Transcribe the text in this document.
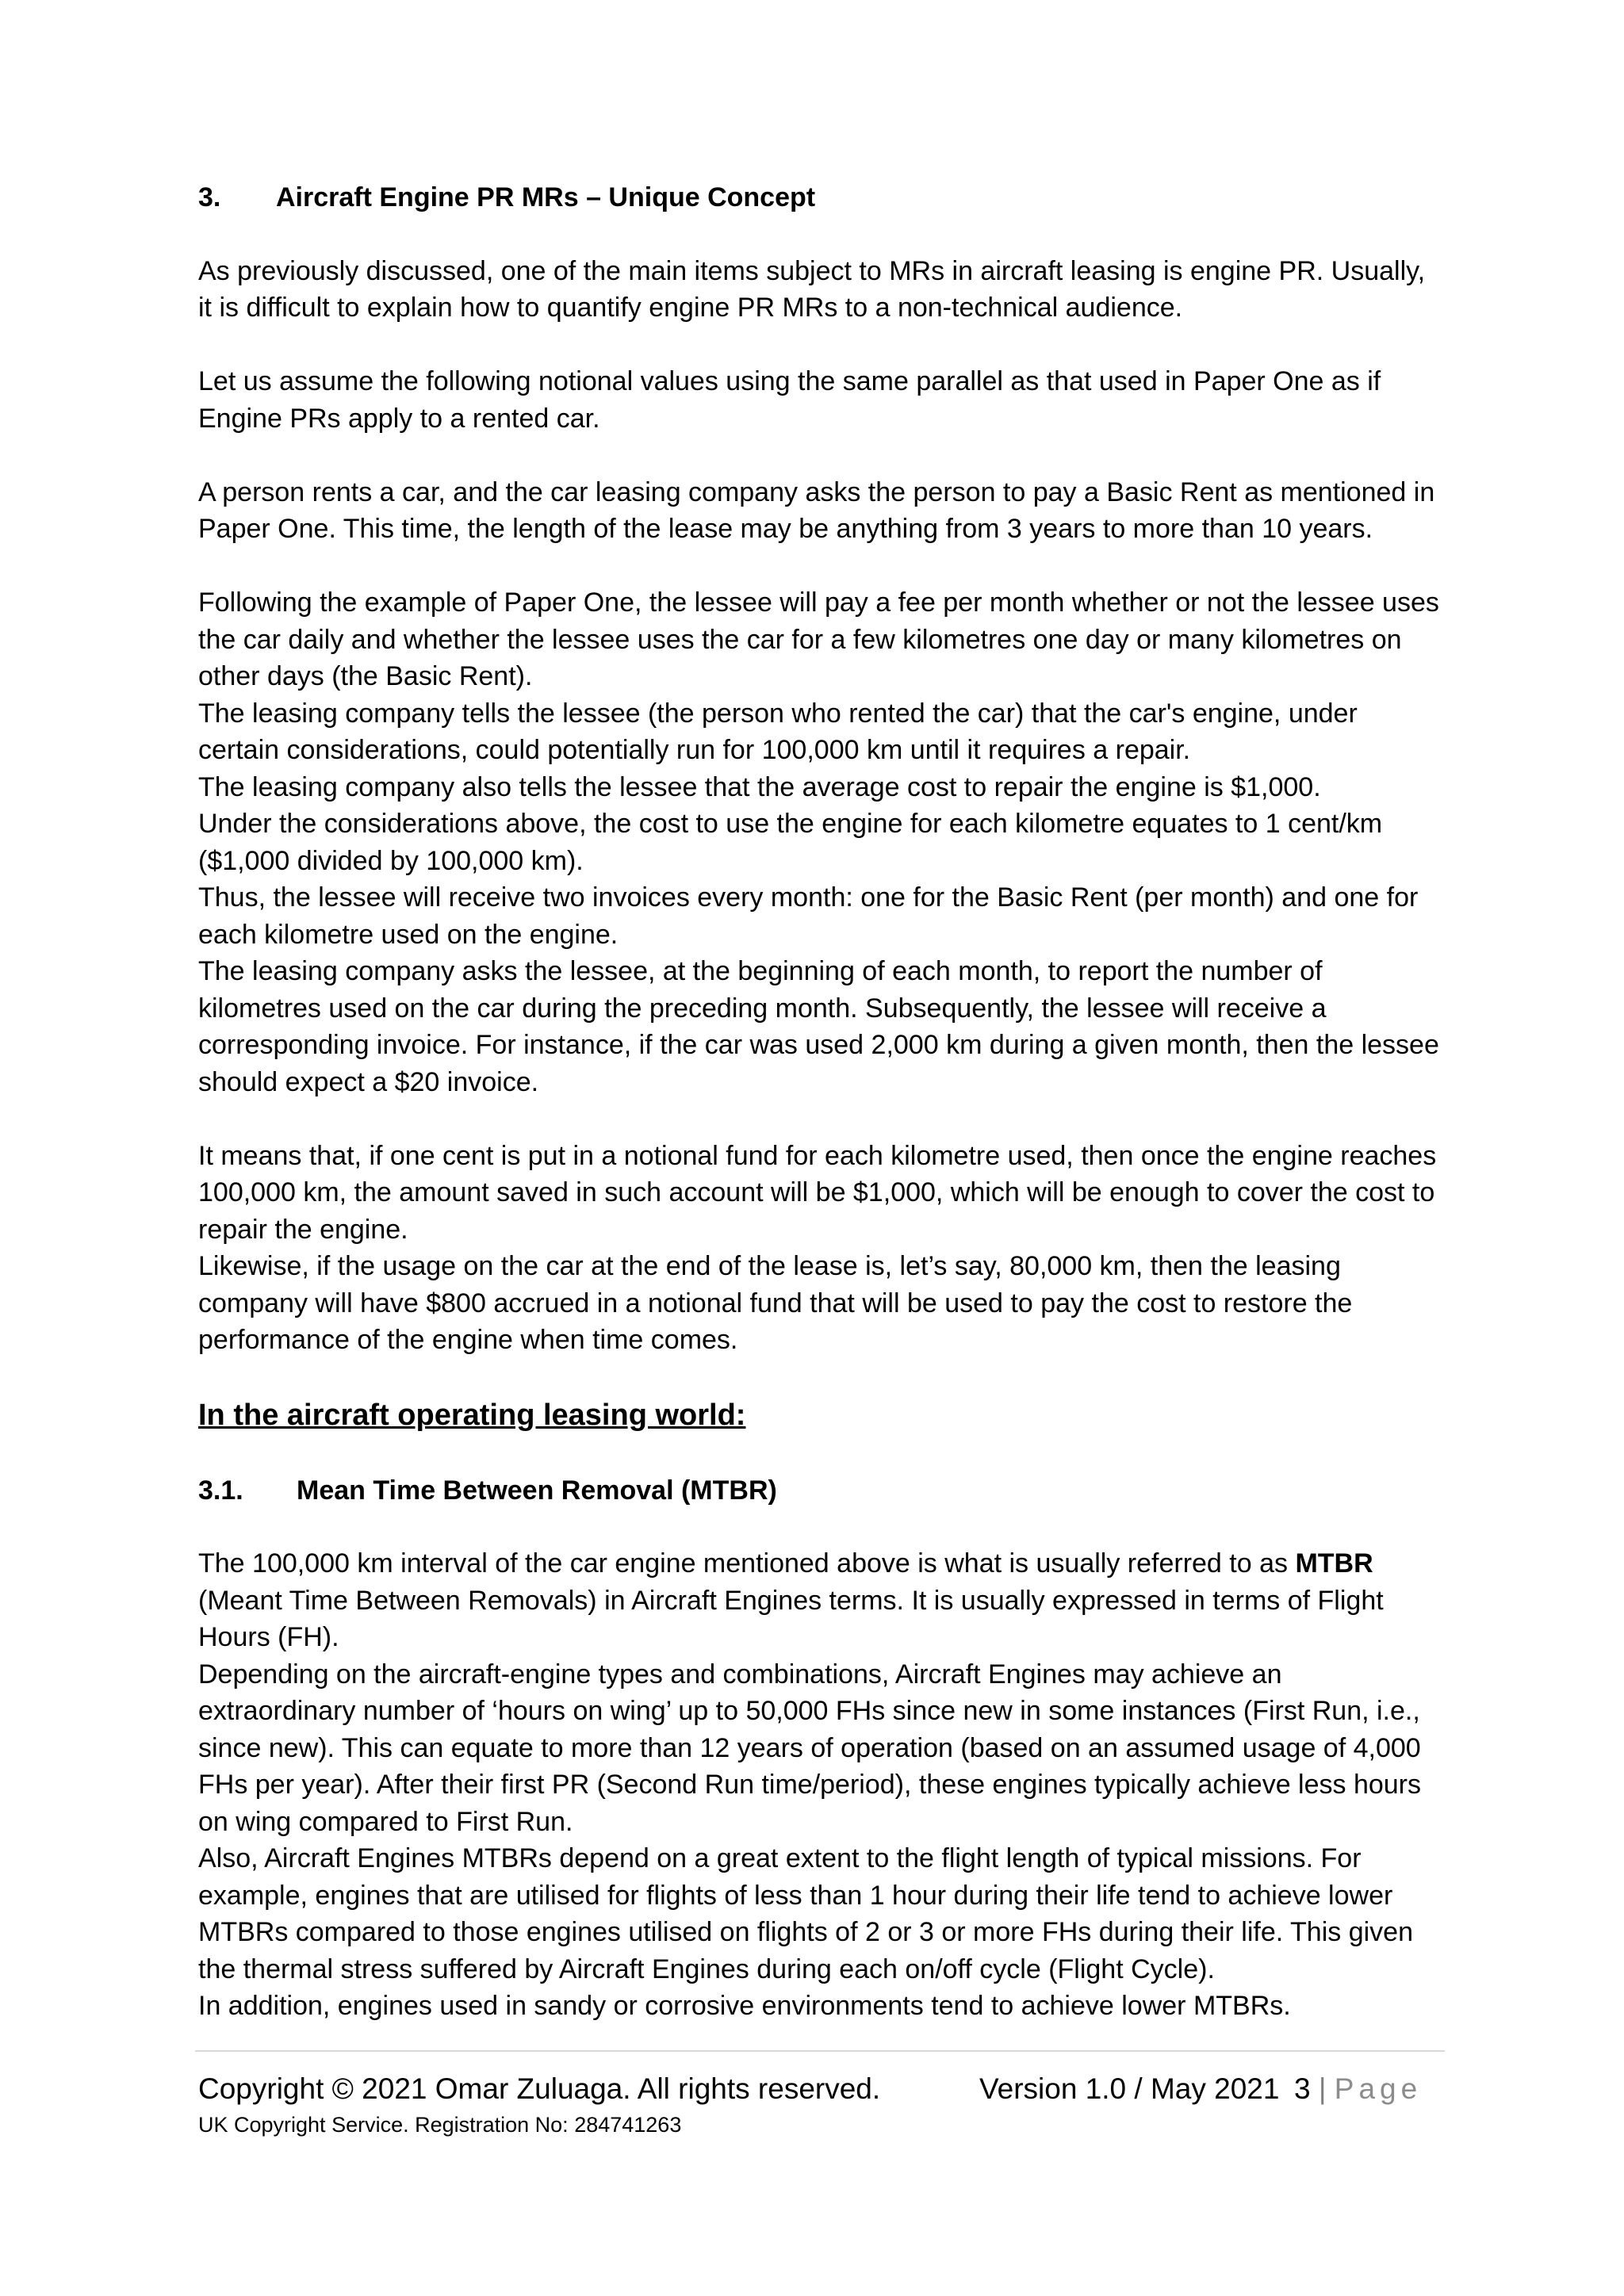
3.	Aircraft Engine PR MRs – Unique Concept

As previously discussed, one of the main items subject to MRs in aircraft leasing is engine PR. Usually, it is difficult to explain how to quantify engine PR MRs to a non-technical audience.

Let us assume the following notional values using the same parallel as that used in Paper One as if Engine PRs apply to a rented car.

A person rents a car, and the car leasing company asks the person to pay a Basic Rent as mentioned in Paper One. This time, the length of the lease may be anything from 3 years to more than 10 years.

Following the example of Paper One, the lessee will pay a fee per month whether or not the lessee uses the car daily and whether the lessee uses the car for a few kilometres one day or many kilometres on other days (the Basic Rent).

The leasing company tells the lessee (the person who rented the car) that the car's engine, under certain considerations, could potentially run for 100,000 km until it requires a repair.

The leasing company also tells the lessee that the average cost to repair the engine is $1,000.

Under the considerations above, the cost to use the engine for each kilometre equates to 1 cent/km ($1,000 divided by 100,000 km).

Thus, the lessee will receive two invoices every month: one for the Basic Rent (per month) and one for each kilometre used on the engine.

The leasing company asks the lessee, at the beginning of each month, to report the number of kilometres used on the car during the preceding month. Subsequently, the lessee will receive a corresponding invoice. For instance, if the car was used 2,000 km during a given month, then the lessee should expect a $20 invoice.

It means that, if one cent is put in a notional fund for each kilometre used, then once the engine reaches 100,000 km, the amount saved in such account will be $1,000, which will be enough to cover the cost to repair the engine.

Likewise, if the usage on the car at the end of the lease is, let’s say, 80,000 km, then the leasing company will have $800 accrued in a notional fund that will be used to pay the cost to restore the performance of the engine when time comes.

In the aircraft operating leasing world:
3.1.	Mean Time Between Removal (MTBR)

The 100,000 km interval of the car engine mentioned above is what is usually referred to as MTBR (Meant Time Between Removals) in Aircraft Engines terms. It is usually expressed in terms of Flight Hours (FH).

Depending on the aircraft-engine types and combinations, Aircraft Engines may achieve an extraordinary number of ‘hours on wing’ up to 50,000 FHs since new in some instances (First Run, i.e., since new). This can equate to more than 12 years of operation (based on an assumed usage of 4,000 FHs per year). After their first PR (Second Run time/period), these engines typically achieve less hours on wing compared to First Run.

Also, Aircraft Engines MTBRs depend on a great extent to the flight length of typical missions. For example, engines that are utilised for flights of less than 1 hour during their life tend to achieve lower MTBRs compared to those engines utilised on flights of 2 or 3 or more FHs during their life. This given the thermal stress suffered by Aircraft Engines during each on/off cycle (Flight Cycle).

In addition, engines used in sandy or corrosive environments tend to achieve lower MTBRs.

Copyright © 2021 Omar Zuluaga. All rights reserved.	Version 1.0 / May 2021 3
|
Page
UK Copyright Service. Registration No: 284741263
